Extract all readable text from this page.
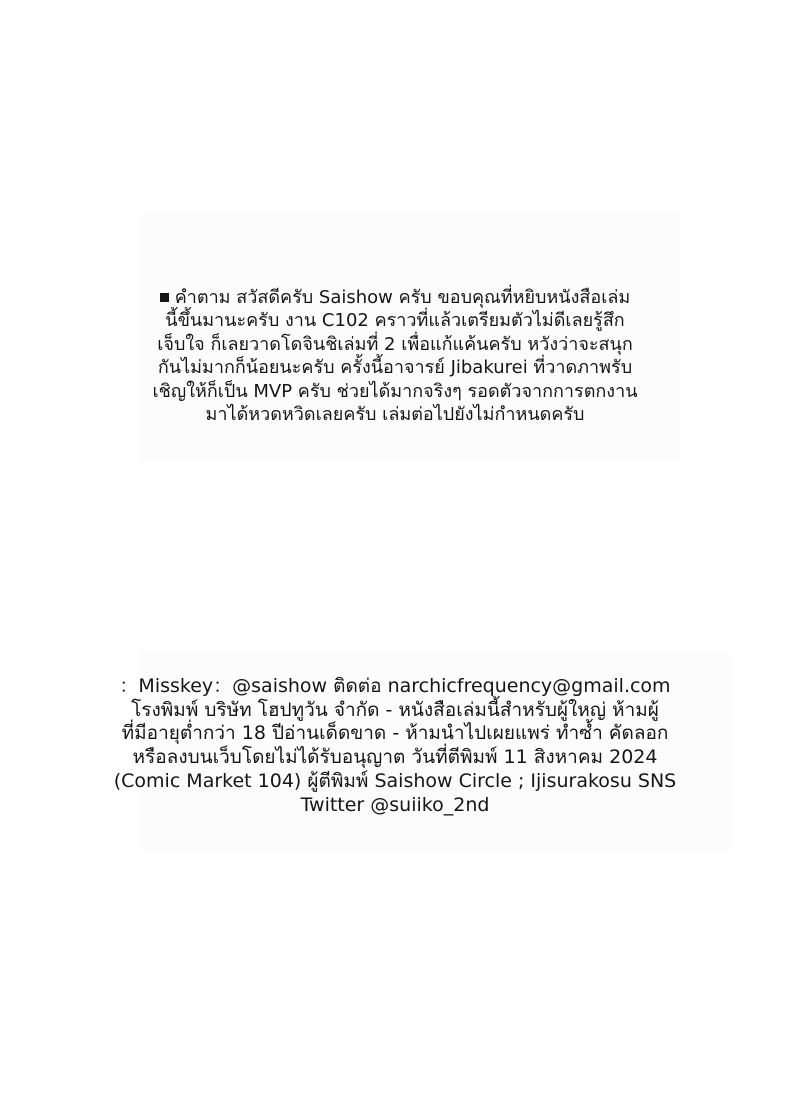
คำตาม สวัสดีครับ Saishow ครับ ขอบคุณที่หยิบหนังสือเล่ม
นี้ขึ้นมานะครับ งาน C102 คราวที่แล้วเตรียมตัวไม่ดีเลยรู้สึก
เจ็บใจ ก็เลยวาดโดจินชิเล่มที่ 2 เพื่อแก้แค้นครับ หวังว่าจะสนุก
กันไม่มากก็น้อยนะครับ ครั้งนี้อาจารย์ Jibakurei ที่วาดภาพรับ
เชิญให้ก็เป็น MVP ครับ ช่วยได้มากจริงๆ รอดตัวจากการตกงาน
มาได้หวดหวิดเลยครับ เล่มต่อไปยังไม่กำหนดครับ
：Misskey：@saishow ติดต่อ narchicfrequency@gmail.com
โรงพิมพ์ บริษัท โฮปทูวัน จำกัด - หนังสือเล่มนี้สำหรับผู้ใหญ่ ห้ามผู้
ที่มีอายุต่ำกว่า 18 ปีอ่านเด็ดขาด - ห้ามนำไปเผยแพร่ ทำซ้ำ คัดลอก
หรือลงบนเว็บโดยไม่ได้รับอนุญาต วันที่ตีพิมพ์ 11 สิงหาคม 2024
(Comic Market 104) ผู้ตีพิมพ์ Saishow Circle ; Ijisurakosu SNS
Twitter @suiiko_2nd
